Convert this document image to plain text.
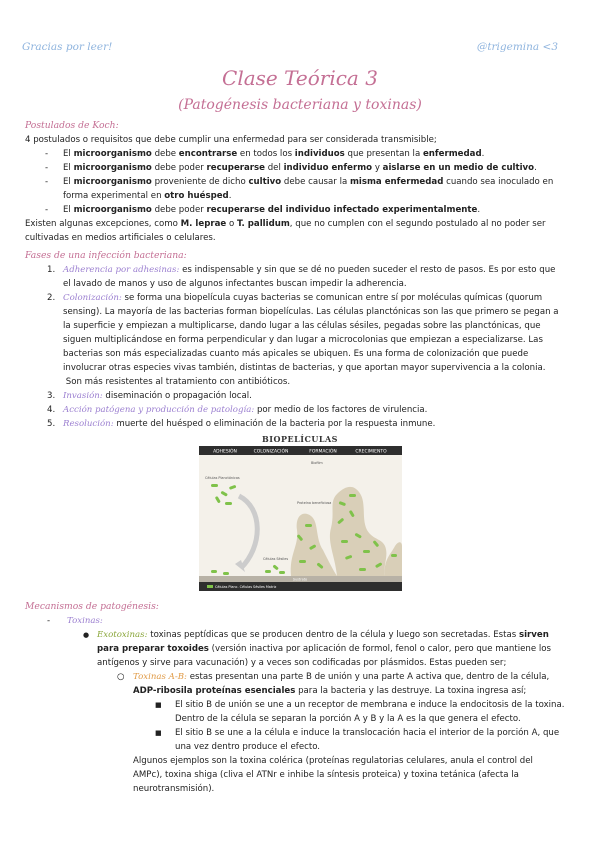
Gracias por leer!	@trigemina <3
Clase Teórica 3
(Patogénesis bacteriana y toxinas)
Postulados de Koch:
4 postulados o requisitos que debe cumplir una enfermedad para ser considerada transmisible;
- El microorganismo debe encontrarse en todos los individuos que presentan la enfermedad.
- El microorganismo debe poder recuperarse del individuo enfermo y aislarse en un medio de cultivo.
- El microorganismo proveniente de dicho cultivo debe causar la misma enfermedad cuando sea inoculado en
forma experimental en otro huésped.
- El microorganismo debe poder recuperarse del individuo infectado experimentalmente.
Existen algunas excepciones, como M. leprae o T. pallidum, que no cumplen con el segundo postulado al no poder ser
cultivadas en medios artificiales o celulares.
Fases de una infección bacteriana:
1. Adherencia por adhesinas: es indispensable y sin que se dé no pueden suceder el resto de pasos. Es por esto que
el lavado de manos y uso de algunos infectantes buscan impedir la adherencia.
2. Colonización: se forma una biopelícula cuyas bacterias se comunican entre sí por moléculas químicas (quorum
sensing). La mayoría de las bacterias forman biopelículas. Las células planctónicas son las que primero se pegan a
la superficie y empiezan a multiplicarse, dando lugar a las células sésiles, pegadas sobre las planctónicas, que
siguen multiplicándose en forma perpendicular y dan lugar a microcolonias que empiezan a especializarse. Las
bacterias son más especializadas cuanto más apicales se ubiquen. Es una forma de colonización que puede
involucrar otras especies vivas también, distintas de bacterias, y que aportan mayor supervivencia a la colonia.
Son más resistentes al tratamiento con antibióticos.
3. Invasión: diseminación o propagación local.
4. Acción patógena y producción de patología: por medio de los factores de virulencia.
5. Resolución: muerte del huésped o eliminación de la bacteria por la respuesta inmune.
BIOPELÍCULAS
ADHESIÓN	COLONIZACIÓN	FORMACIÓN	CRECIMIENTO
Células Planctónicas
Células Sésiles
Proteína beneficiosa
Biofilm
Sustrato
Células Planc. Células Sésiles Matriz
Mecanismos de patogénesis:
- Toxinas:
● Exotoxinas: toxinas peptídicas que se producen dentro de la célula y luego son secretadas. Estas sirven
para preparar toxoides (versión inactiva por aplicación de formol, fenol o calor, pero que mantiene los
antígenos y sirve para vacunación) y a veces son codificadas por plásmidos. Estas pueden ser;
○ Toxinas A-B: estas presentan una parte B de unión y una parte A activa que, dentro de la célula,
ADP-ribosila proteínas esenciales para la bacteria y las destruye. La toxina ingresa así;
■ El sitio B de unión se une a un receptor de membrana e induce la endocitosis de la toxina.
Dentro de la célula se separan la porción A y B y la A es la que genera el efecto.
■ El sitio B se une a la célula e induce la translocación hacia el interior de la porción A, que
una vez dentro produce el efecto.
Algunos ejemplos son la toxina colérica (proteínas regulatorias celulares, anula el control del
AMPc), toxina shiga (cliva el ATNr e inhibe la síntesis proteica) y toxina tetánica (afecta la
neurotransmisión).
